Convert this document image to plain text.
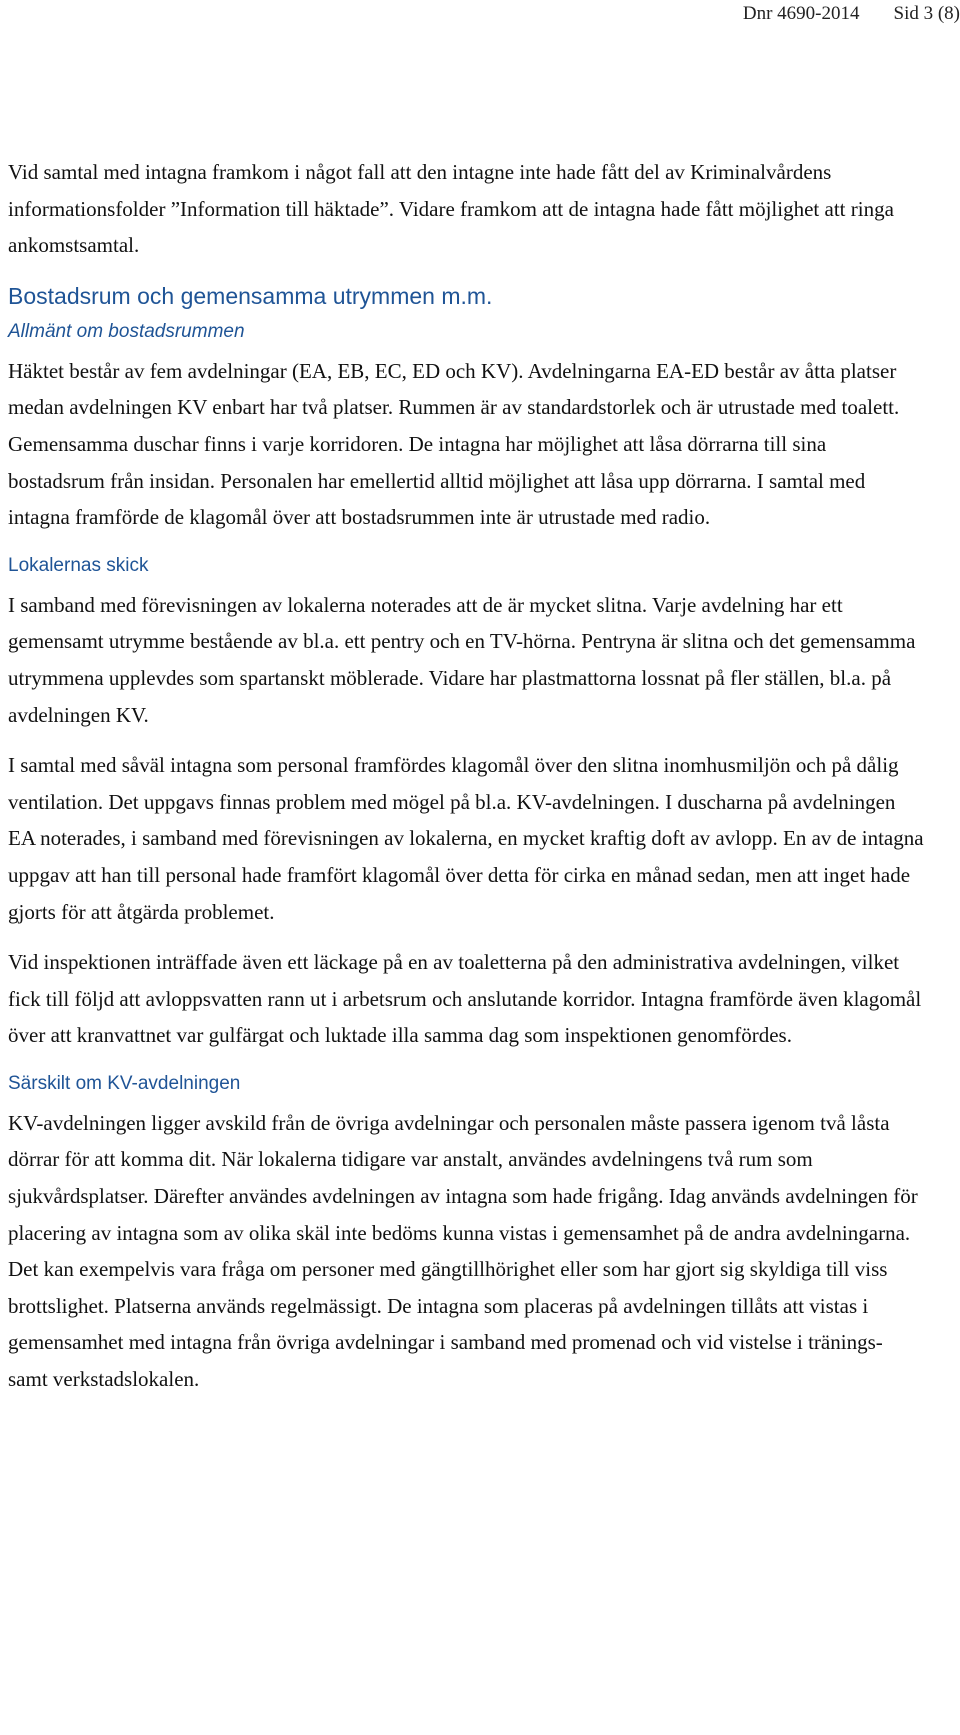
Dnr 4690-2014 Sid 3 (8)

Vid samtal med intagna framkom i något fall att den intagne inte hade fått del av Kriminalvårdens informationsfolder ”Information till häktade”. Vidare framkom att de intagna hade fått möjlighet att ringa ankomstsamtal.

Bostadsrum och gemensamma utrymmen m.m.
Allmänt om bostadsrummen

Häktet består av fem avdelningar (EA, EB, EC, ED och KV). Avdelningarna EA-ED består av åtta platser medan avdelningen KV enbart har två platser. Rummen är av standardstorlek och är utrustade med toalett. Gemensamma duschar finns i varje korridoren. De intagna har möjlighet att låsa dörrarna till sina bostadsrum från insidan. Personalen har emellertid alltid möjlighet att låsa upp dörrarna. I samtal med intagna framförde de klagomål över att bostadsrummen inte är utrustade med radio.

Lokalernas skick

I samband med förevisningen av lokalerna noterades att de är mycket slitna. Varje avdelning har ett gemensamt utrymme bestående av bl.a. ett pentry och en TV-hörna. Pentryna är slitna och det gemensamma utrymmena upplevdes som spartanskt möblerade. Vidare har plastmattorna lossnat på fler ställen, bl.a. på avdelningen KV.

I samtal med såväl intagna som personal framfördes klagomål över den slitna inomhusmiljön och på dålig ventilation. Det uppgavs finnas problem med mögel på bl.a. KV-avdelningen. I duscharna på avdelningen EA noterades, i samband med förevisningen av lokalerna, en mycket kraftig doft av avlopp. En av de intagna uppgav att han till personal hade framfört klagomål över detta för cirka en månad sedan, men att inget hade gjorts för att åtgärda problemet.

Vid inspektionen inträffade även ett läckage på en av toaletterna på den administrativa avdelningen, vilket fick till följd att avloppsvatten rann ut i arbetsrum och anslutande korridor. Intagna framförde även klagomål över att kranvattnet var gulfärgat och luktade illa samma dag som inspektionen genomfördes.

Särskilt om KV-avdelningen

KV-avdelningen ligger avskild från de övriga avdelningar och personalen måste passera igenom två låsta dörrar för att komma dit. När lokalerna tidigare var anstalt, användes avdelningens två rum som sjukvårdsplatser. Därefter användes avdelningen av intagna som hade frigång. Idag används avdelningen för placering av intagna som av olika skäl inte bedöms kunna vistas i gemensamhet på de andra avdelningarna. Det kan exempelvis vara fråga om personer med gängtillhörighet eller som har gjort sig skyldiga till viss brottslighet. Platserna används regelmässigt. De intagna som placeras på avdelningen tillåts att vistas i gemensamhet med intagna från övriga avdelningar i samband med promenad och vid vistelse i tränings- samt verkstadslokalen.
